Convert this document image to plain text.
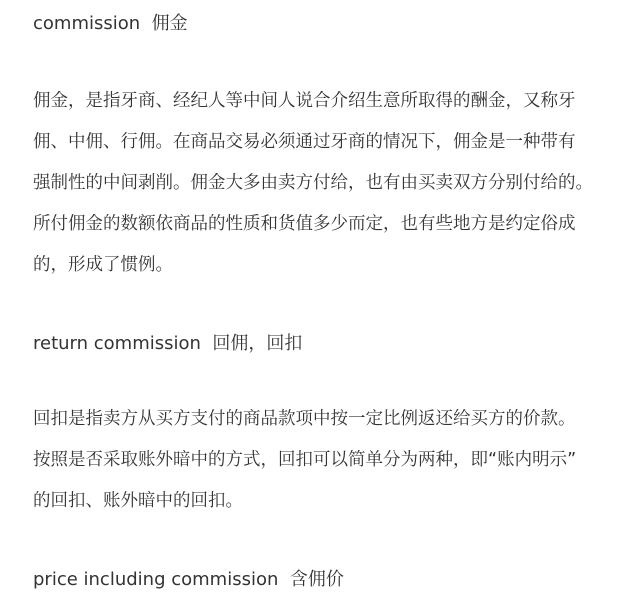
commission  佣金
佣金，是指牙商、经纪人等中间人说合介绍生意所取得的酬金，又称牙
佣、中佣、行佣。在商品交易必须通过牙商的情况下，佣金是一种带有
强制性的中间剥削。佣金大多由卖方付给，也有由买卖双方分别付给的。
所付佣金的数额依商品的性质和货值多少而定，也有些地方是约定俗成
的，形成了惯例。
return commission  回佣，回扣
回扣是指卖方从买方支付的商品款项中按一定比例返还给买方的价款。
按照是否采取账外暗中的方式，回扣可以简单分为两种，即“账内明示”
的回扣、账外暗中的回扣。
price including commission  含佣价
